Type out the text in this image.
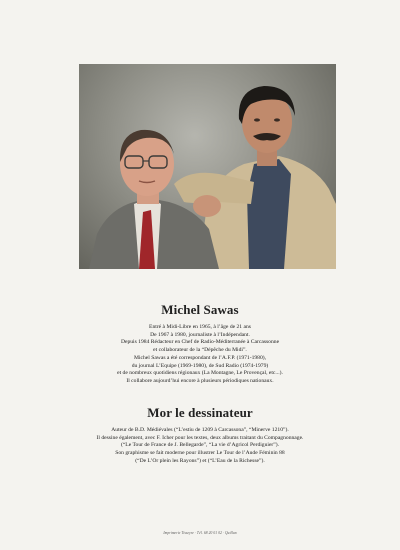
Michel Sawas
Entré à Midi-Libre en 1965, à l’âge de 21 ans
De 1967 à 1980, journaliste à l’Indépendant.
Depuis 1984 Rédacteur en Chef de Radio-Méditerranée à Carcassonne
et collaborateur de la “Dépêche du Midi”.
Michel Sawas a été correspondant de l’A.F.P. (1971-1980),
du journal L’Equipe (1969-1980), de Sud Radio (1974-1979)
et de nombreux quotidiens régionaux (La Montagne, Le Provençal, etc...).
Il collabore aujourd’hui encore à plusieurs périodiques nationaux.
Mor le dessinateur
Auteur de B.D. Médiévales (“L’estiu de 1209 à Carcassona”, “Minerve 1210”).
Il dessine également, avec F. Icher pour les textes, deux albums traitant du Compagnonnage.
(“Le Tour de France de J. Bellegarde”, “La vie d’Agricol Perdiguier”).
Son graphisme se fait moderne pour illustrer Le Tour de l’Aude Féminin 88
(“De L’Or plein les Rayons”) et (“L’Eau de la Richesse”).
Imprimerie Tisseyre · Tél. 68 20 01 02 · Quillan
